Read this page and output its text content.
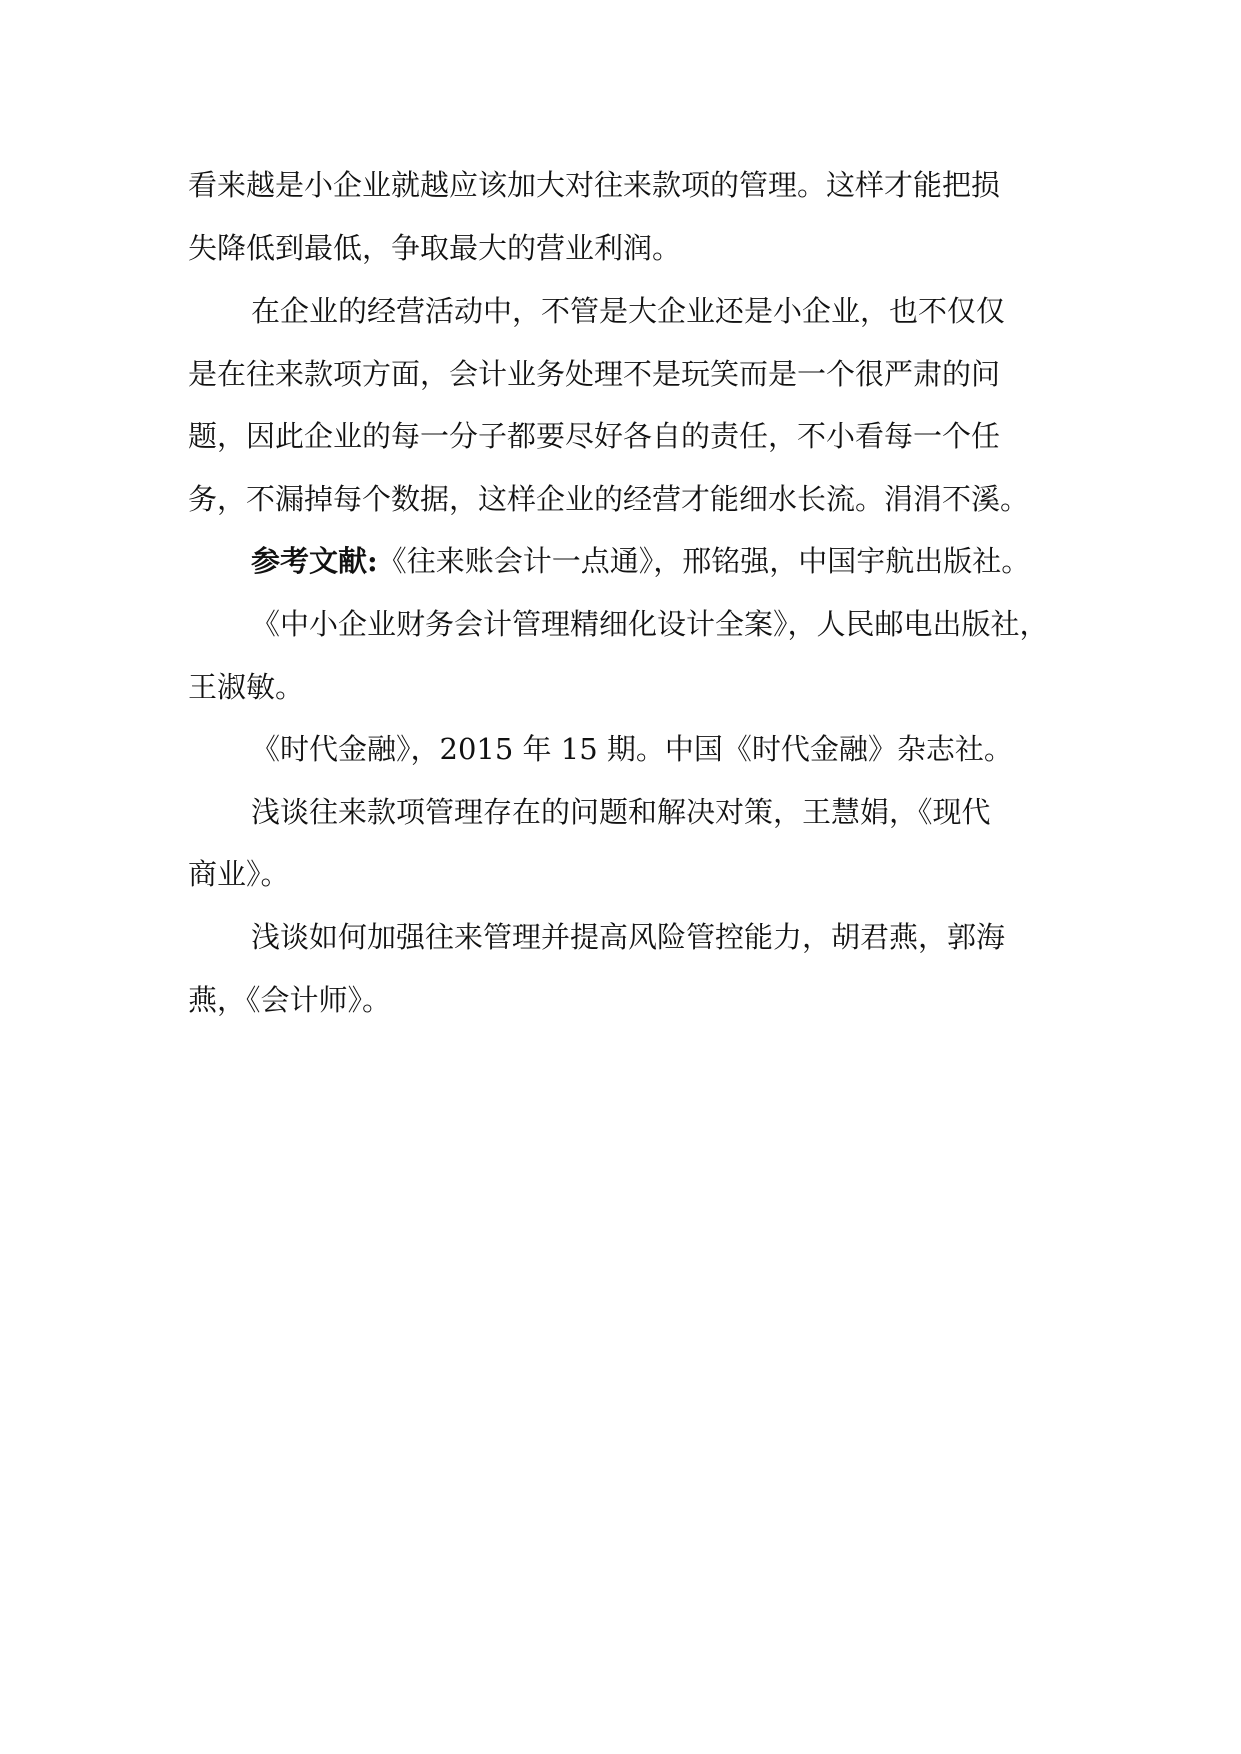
看来越是小企业就越应该加大对往来款项的管理。这样才能把损
失降低到最低，争取最大的营业利润。
在企业的经营活动中，不管是大企业还是小企业，也不仅仅
是在往来款项方面，会计业务处理不是玩笑而是一个很严肃的问
题，因此企业的每一分子都要尽好各自的责任，不小看每一个任
务，不漏掉每个数据，这样企业的经营才能细水长流。涓涓不溪。
参考文献:《往来账会计一点通》，邢铭强，中国宇航出版社。
《中小企业财务会计管理精细化设计全案》，人民邮电出版社，
王淑敏。
《时代金融》，2015 年 15 期。中国《时代金融》杂志社。
浅谈往来款项管理存在的问题和解决对策，王慧娟，《现代
商业》。
浅谈如何加强往来管理并提高风险管控能力，胡君燕，郭海
燕，《会计师》。
